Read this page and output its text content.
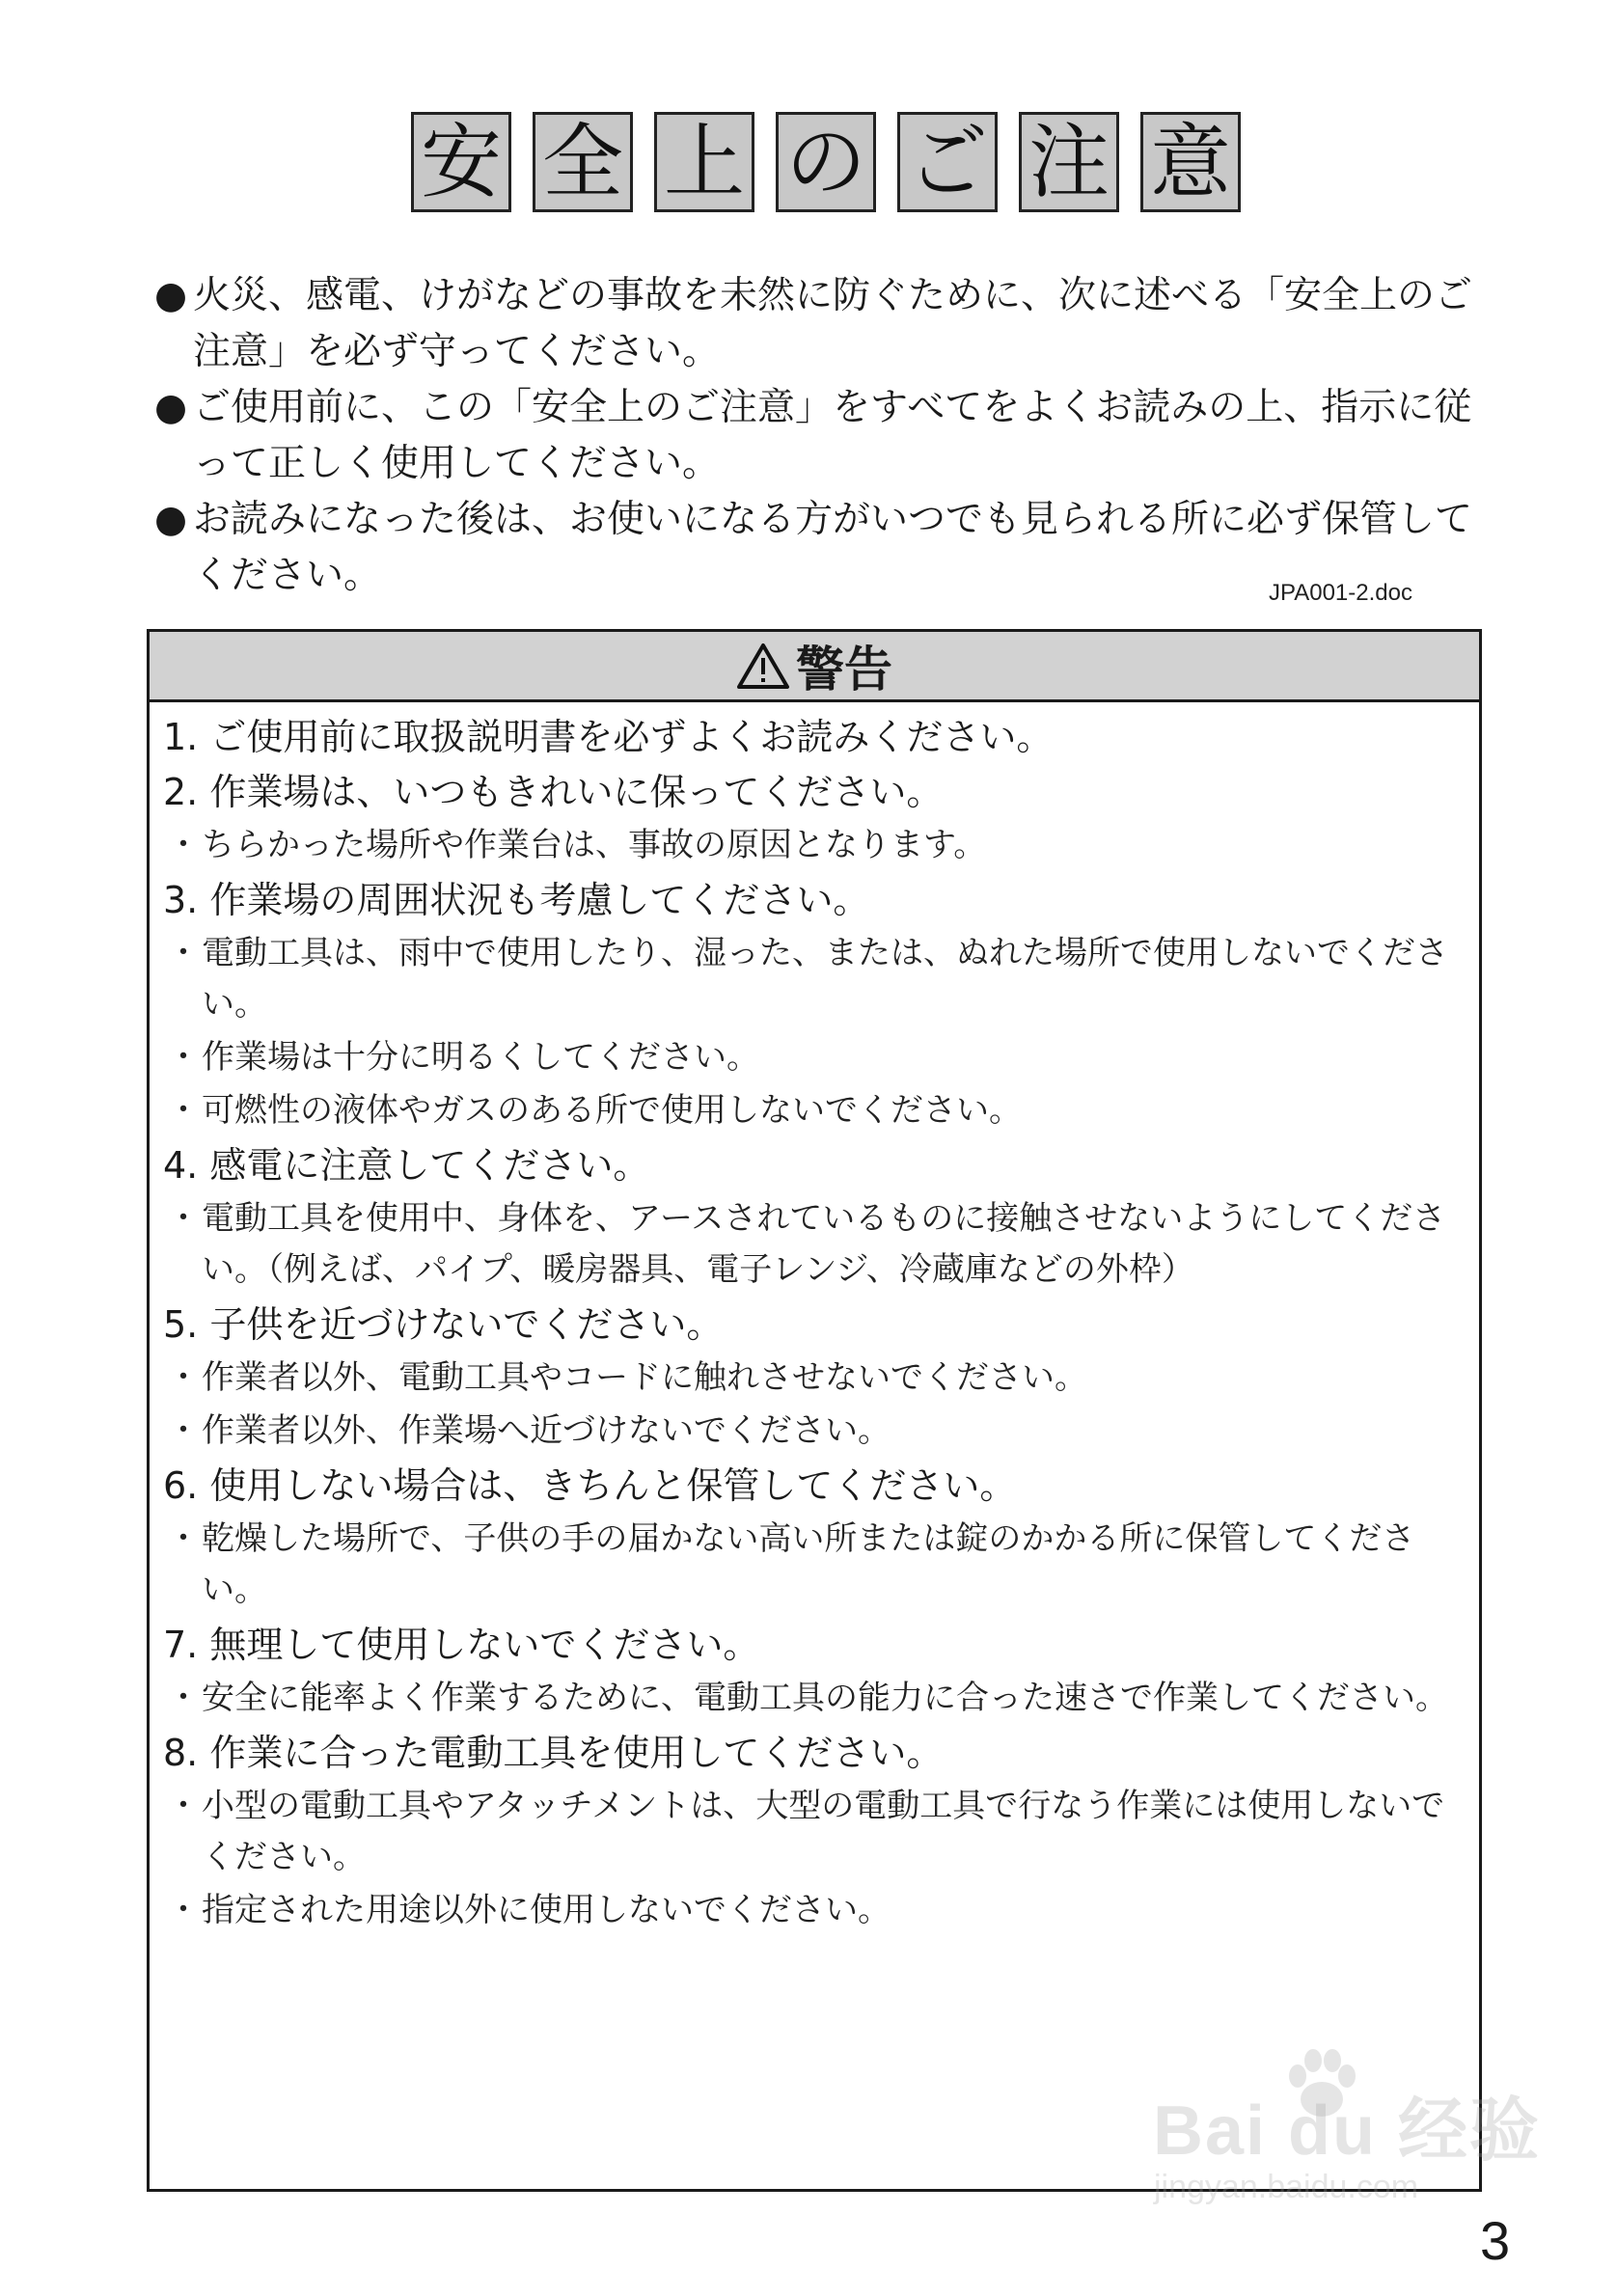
安 全 上 の ご 注 意

● 火災、感電、けがなどの事故を未然に防ぐために、次に述べる「安全上のご注意」を必ず守ってください。

● ご使用前に、この「安全上のご注意」をすべてをよくお読みの上、指示に従って正しく使用してください。

● お読みになった後は、お使いになる方がいつでも見られる所に必ず保管してください。	JPA001-2.doc
警告

1. ご使用前に取扱説明書を必ずよくお読みください。

2. 作業場は、いつもきれいに保ってください。

・ ちらかった場所や作業台は、事故の原因となります。

3. 作業場の周囲状況も考慮してください。

・ 電動工具は、雨中で使用したり、湿った、または、ぬれた場所で使用しないでください。

・ 作業場は十分に明るくしてください。

・ 可燃性の液体やガスのある所で使用しないでください。

4. 感電に注意してください。

・ 電動工具を使用中、身体を、アースされているものに接触させないようにしてください。（例えば、パイプ、暖房器具、電子レンジ、冷蔵庫などの外枠）

5. 子供を近づけないでください。

・ 作業者以外、電動工具やコードに触れさせないでください。

・ 作業者以外、作業場へ近づけないでください。

6. 使用しない場合は、きちんと保管してください。

・ 乾燥した場所で、子供の手の届かない高い所または錠のかかる所に保管してください。

7. 無理して使用しないでください。

・ 安全に能率よく作業するために、電動工具の能力に合った速さで作業してください。

8. 作業に合った電動工具を使用してください。

・ 小型の電動工具やアタッチメントは、大型の電動工具で行なう作業には使用しないでください。

・ 指定された用途以外に使用しないでください。

3
Bai du 经验
jingyan.baidu.com
